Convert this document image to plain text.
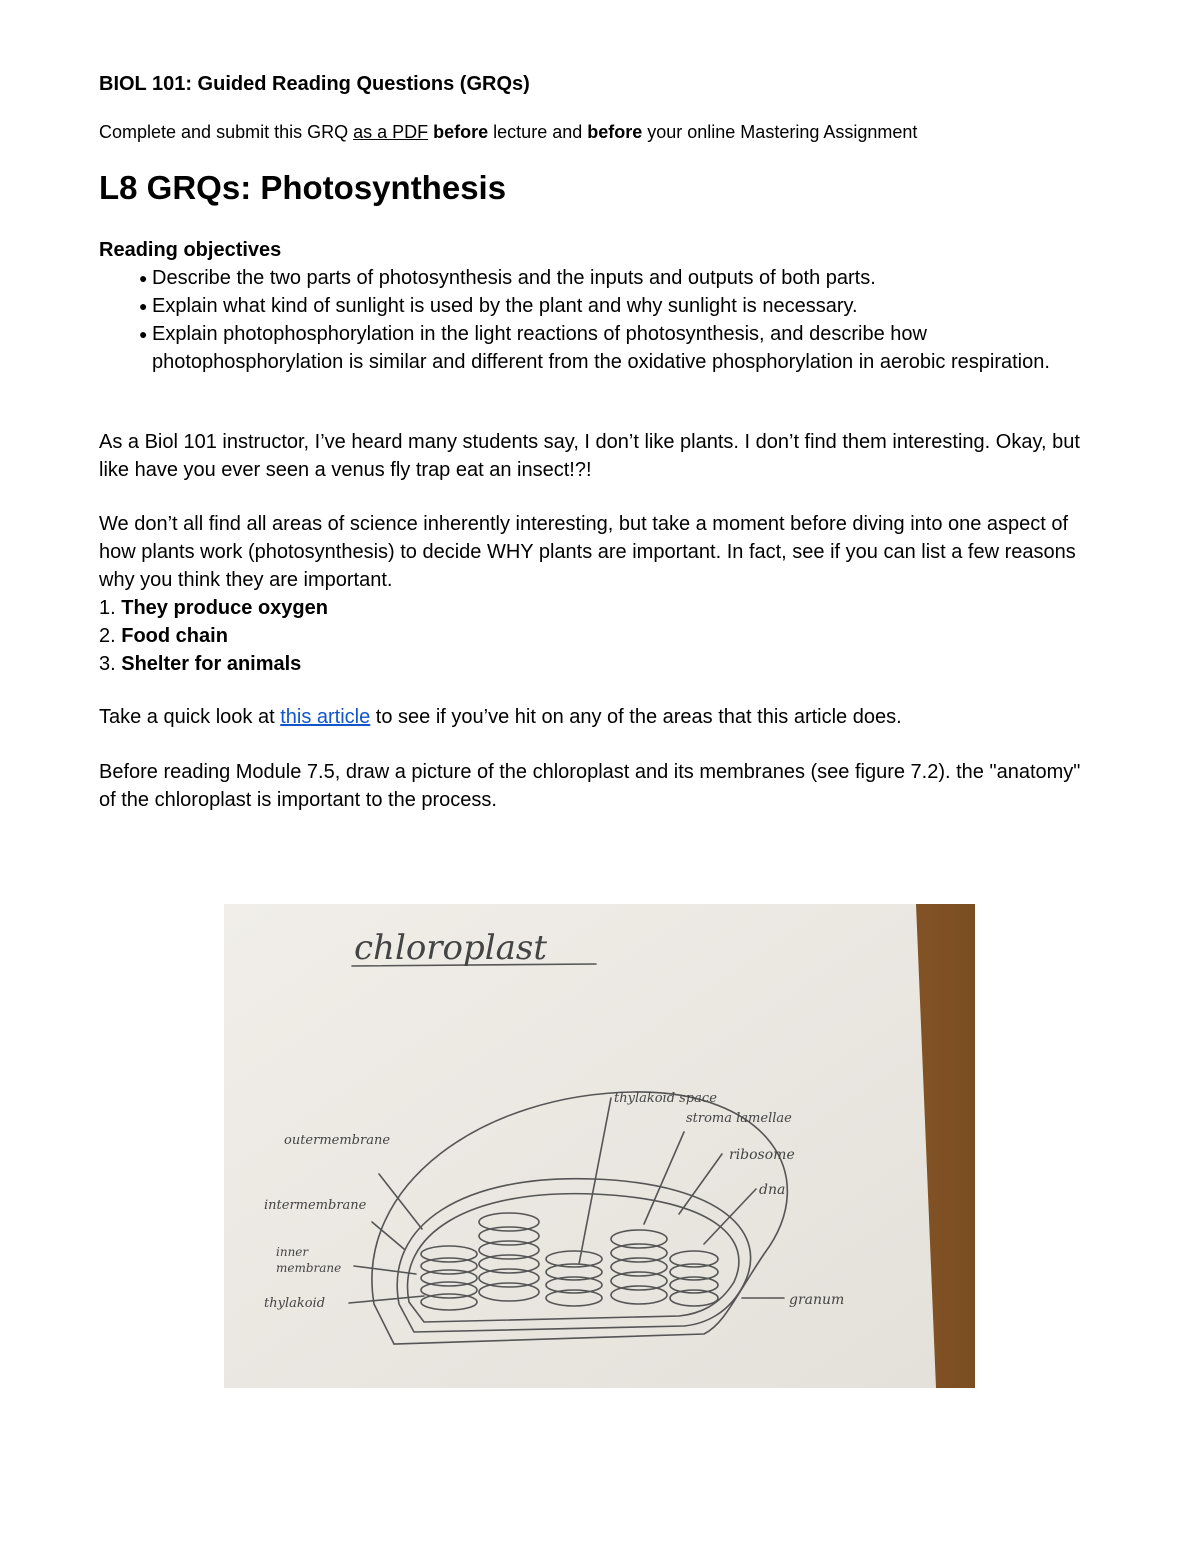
BIOL 101: Guided Reading Questions (GRQs)
Complete and submit this GRQ as a PDF before lecture and before your online Mastering Assignment
L8 GRQs: Photosynthesis
Reading objectives
● Describe the two parts of photosynthesis and the inputs and outputs of both parts.
● Explain what kind of sunlight is used by the plant and why sunlight is necessary.
● Explain photophosphorylation in the light reactions of photosynthesis, and describe how photophosphorylation is similar and different from the oxidative phosphorylation in aerobic respiration.

As a Biol 101 instructor, I’ve heard many students say, I don’t like plants. I don’t find them interesting. Okay, but like have you ever seen a venus fly trap eat an insect!?!

We don’t all find all areas of science inherently interesting, but take a moment before diving into one aspect of how plants work (photosynthesis) to decide WHY plants are important. In fact, see if you can list a few reasons why you think they are important.

1. They produce oxygen
2. Food chain
3. Shelter for animals

Take a quick look at this article to see if you’ve hit on any of the areas that this article does.

Before reading Module 7.5, draw a picture of the chloroplast and its membranes (see figure 7.2). the "anatomy" of the chloroplast is important to the process.

chloroplast
outermembrane
intermembrane
inner
membrane
thylakoid
thylakoid space
stroma lamellae
ribosome
dna
granum
